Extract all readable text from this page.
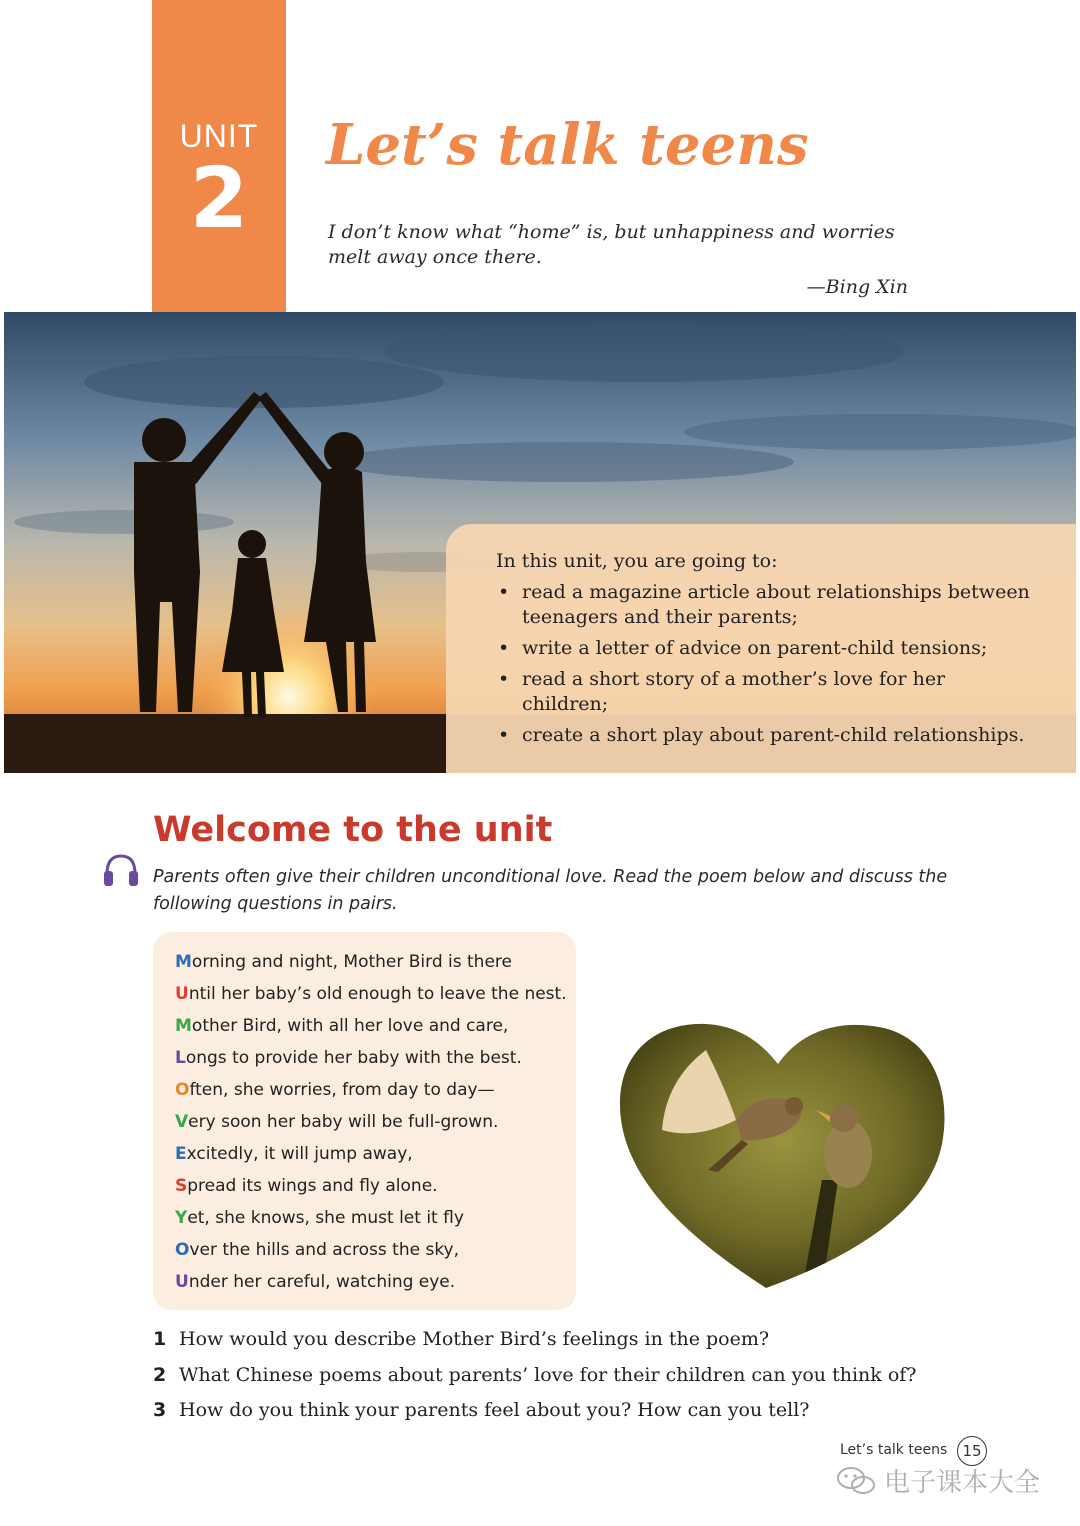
UNIT
2
Let’s talk teens
I don’t know what “home” is, but unhappiness and worries melt away once there.
—Bing Xin

In this unit, you are going to:

• read a magazine article about relationships between teenagers and their parents;
• write a letter of advice on parent-child tensions;
• read a short story of a mother’s love for her children;
• create a short play about parent-child relationships.
Welcome to the unit
Parents often give their children unconditional love. Read the poem below and discuss the following questions in pairs.
Morning and night, Mother Bird is there
Until her baby’s old enough to leave the nest.
Mother Bird, with all her love and care,
Longs to provide her baby with the best.
Often, she worries, from day to day—
Very soon her baby will be full-grown.
Excitedly, it will jump away,
Spread its wings and fly alone.
Yet, she knows, she must let it fly
Over the hills and across the sky,
Under her careful, watching eye.
1 How would you describe Mother Bird’s feelings in the poem?
2 What Chinese poems about parents’ love for their children can you think of?
3 How do you think your parents feel about you? How can you tell?
Let’s talk teens	15
电子课本大全
